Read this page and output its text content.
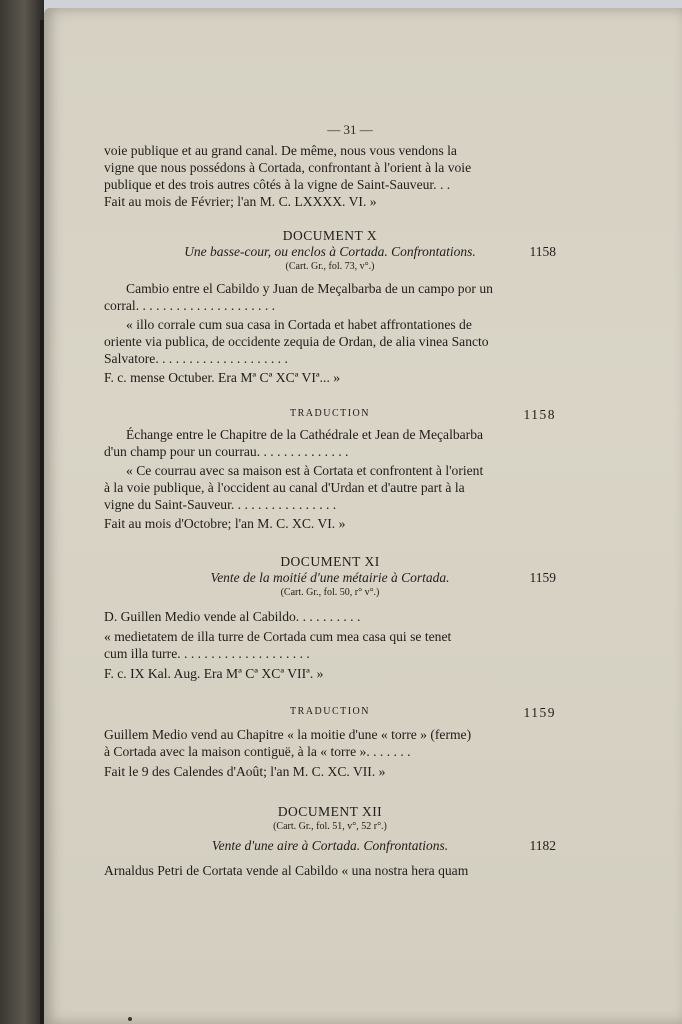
— 31 —
voie publique et au grand canal. De même, nous vous vendons la
vigne que nous possédons à Cortada, confrontant à l'orient à la voie
publique et des trois autres côtés à la vigne de Saint-Sauveur. . .
Fait au mois de Février; l'an M. C. LXXXX. VI. »
DOCUMENT X
Une basse-cour, ou enclos à Cortada. Confrontations.	1158
(Cart. Gr., fol. 73, v°.)
Cambio entre el Cabildo y Juan de Meçalbarba de un campo por un
corral. . . . . . . . . . . . . . . . . . . . .
« illo corrale cum sua casa in Cortada et habet affrontationes de
oriente via publica, de occidente zequia de Ordan, de alia vinea Sancto
Salvatore. . . . . . . . . . . . . . . . . . . .
F. c. mense Octuber. Era Mª Cª XCª VIª... »
TRADUCTION	1158
Échange entre le Chapitre de la Cathédrale et Jean de Meçalbarba
d'un champ pour un courrau. . . . . . . . . . . . . .
« Ce courrau avec sa maison est à Cortata et confrontent à l'orient
à la voie publique, à l'occident au canal d'Urdan et d'autre part à la
vigne du Saint-Sauveur. . . . . . . . . . . . . . . .
Fait au mois d'Octobre; l'an M. C. XC. VI. »
DOCUMENT XI
Vente de la moitié d'une métairie à Cortada.	1159
(Cart. Gr., fol. 50, r° v°.)
D. Guillen Medio vende al Cabildo. . . . . . . . . .
« medietatem de illa turre de Cortada cum mea casa qui se tenet
cum illa turre. . . . . . . . . . . . . . . . . . . .
F. c. IX Kal. Aug. Era Mª Cª XCª VIIª. »
TRADUCTION	1159
Guillem Medio vend au Chapitre « la moitie d'une « torre » (ferme)
à Cortada avec la maison contiguë, à la « torre ». . . . . . .
Fait le 9 des Calendes d'Août; l'an M. C. XC. VII. »
DOCUMENT XII
(Cart. Gr., fol. 51, v°, 52 r°.)
Vente d'une aire à Cortada. Confrontations.	1182
Arnaldus Petri de Cortata vende al Cabildo « una nostra hera quam
